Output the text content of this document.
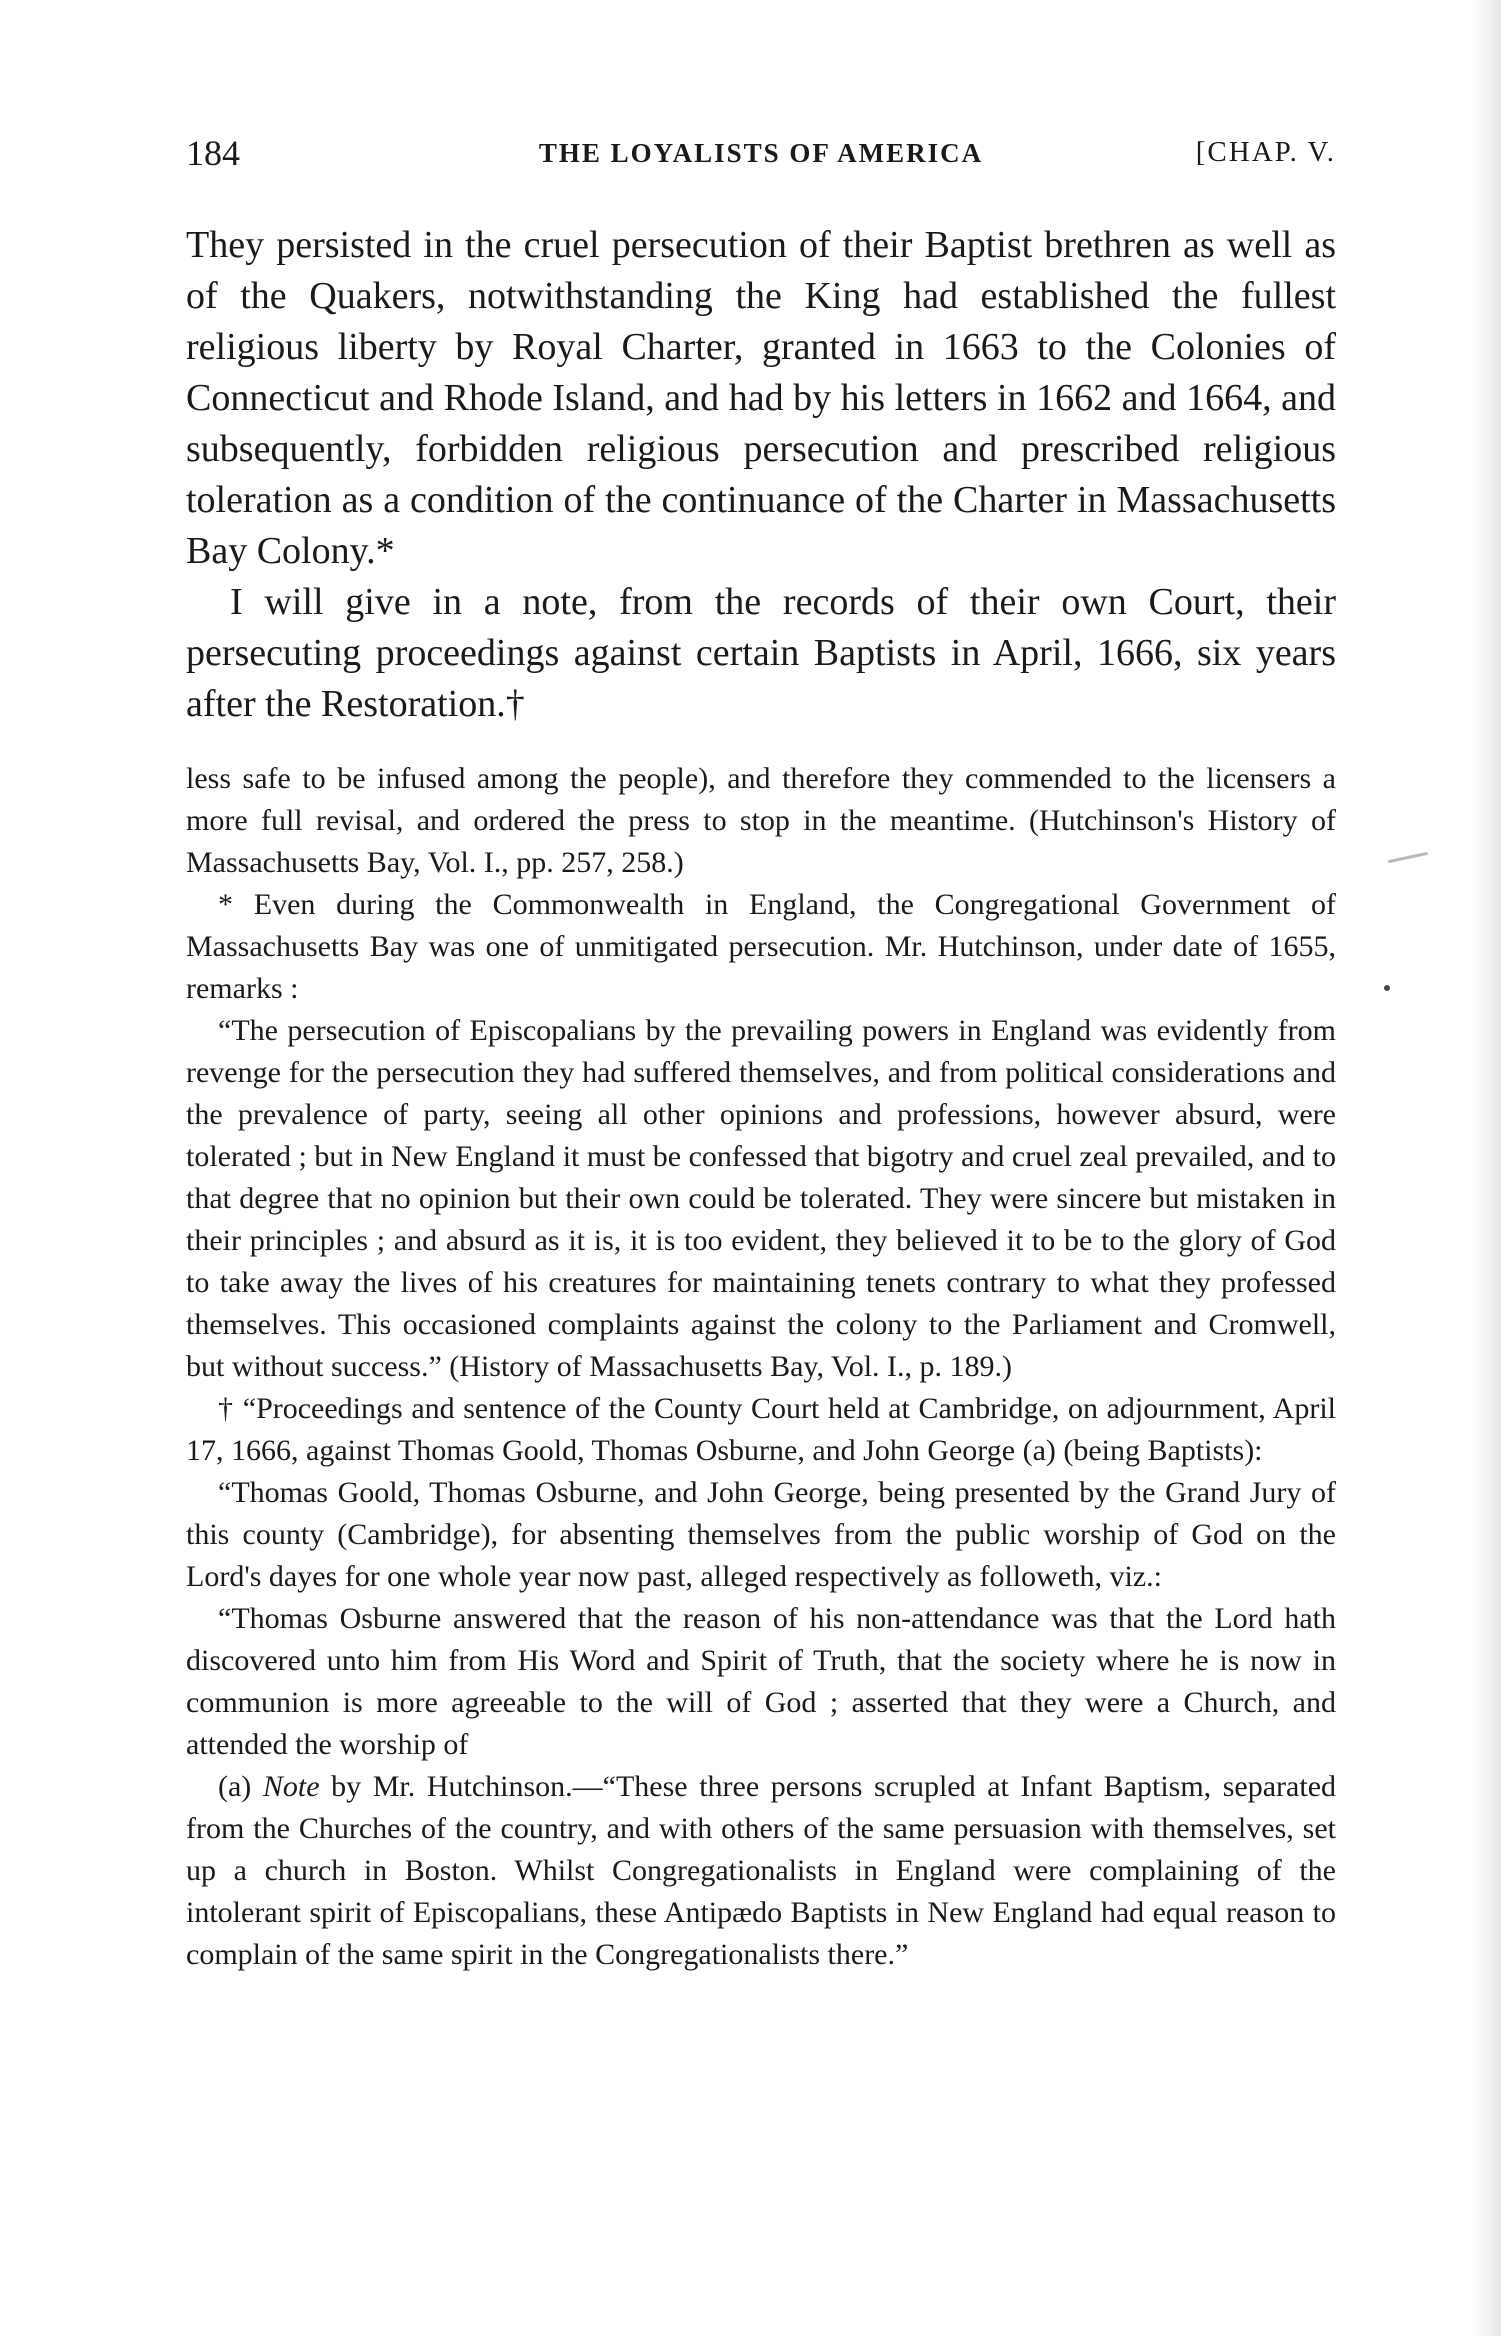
184	THE LOYALISTS OF AMERICA	[CHAP. V.

They persisted in the cruel persecution of their Baptist brethren as well as of the Quakers, notwithstanding the King had established the fullest religious liberty by Royal Charter, granted in 1663 to the Colonies of Connecticut and Rhode Island, and had by his letters in 1662 and 1664, and subsequently, forbidden religious persecution and prescribed religious toleration as a condition of the continuance of the Charter in Massachusetts Bay Colony.*

I will give in a note, from the records of their own Court, their persecuting proceedings against certain Baptists in April, 1666, six years after the Restoration.†

less safe to be infused among the people), and therefore they commended to the licensers a more full revisal, and ordered the press to stop in the meantime. (Hutchinson's History of Massachusetts Bay, Vol. I., pp. 257, 258.)

* Even during the Commonwealth in England, the Congregational Government of Massachusetts Bay was one of unmitigated persecution. Mr. Hutchinson, under date of 1655, remarks :

“The persecution of Episcopalians by the prevailing powers in England was evidently from revenge for the persecution they had suffered themselves, and from political considerations and the prevalence of party, seeing all other opinions and professions, however absurd, were tolerated ; but in New England it must be confessed that bigotry and cruel zeal prevailed, and to that degree that no opinion but their own could be tolerated. They were sincere but mistaken in their principles ; and absurd as it is, it is too evident, they believed it to be to the glory of God to take away the lives of his creatures for maintaining tenets contrary to what they professed themselves. This occasioned complaints against the colony to the Parliament and Cromwell, but without success.” (History of Massachusetts Bay, Vol. I., p. 189.)

† “Proceedings and sentence of the County Court held at Cambridge, on adjournment, April 17, 1666, against Thomas Goold, Thomas Osburne, and John George (a) (being Baptists):

“Thomas Goold, Thomas Osburne, and John George, being presented by the Grand Jury of this county (Cambridge), for absenting themselves from the public worship of God on the Lord's dayes for one whole year now past, alleged respectively as followeth, viz.:

“Thomas Osburne answered that the reason of his non-attendance was that the Lord hath discovered unto him from His Word and Spirit of Truth, that the society where he is now in communion is more agreeable to the will of God ; asserted that they were a Church, and attended the worship of

(a) Note by Mr. Hutchinson.—“These three persons scrupled at Infant Baptism, separated from the Churches of the country, and with others of the same persuasion with themselves, set up a church in Boston. Whilst Congregationalists in England were complaining of the intolerant spirit of Episcopalians, these Antipædo Baptists in New England had equal reason to complain of the same spirit in the Congregationalists there.”
